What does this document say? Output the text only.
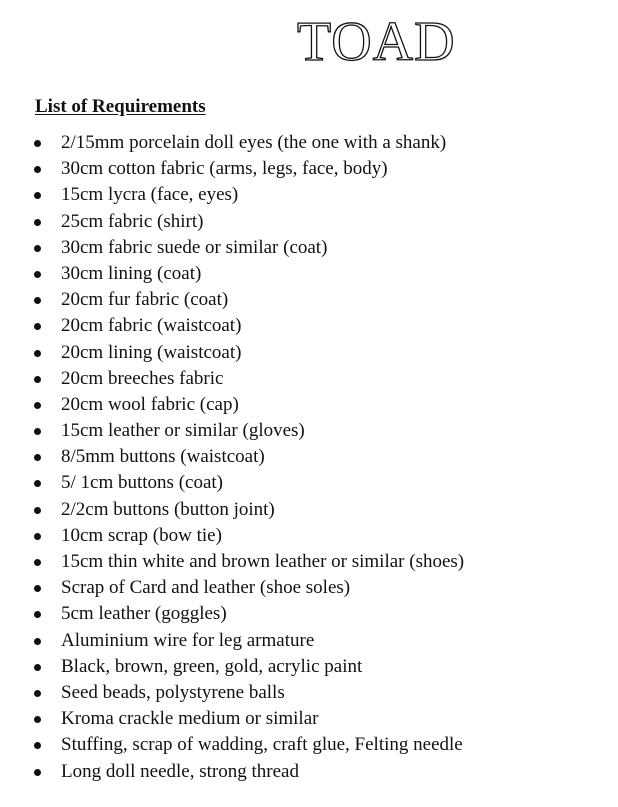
TOAD
List of Requirements
2/15mm porcelain doll eyes (the one with a shank)
30cm cotton fabric (arms, legs, face, body)
15cm lycra (face, eyes)
25cm fabric (shirt)
30cm fabric suede or similar (coat)
30cm lining (coat)
20cm fur fabric (coat)
20cm fabric (waistcoat)
20cm lining (waistcoat)
20cm breeches fabric
20cm wool fabric (cap)
15cm leather or similar (gloves)
8/5mm buttons (waistcoat)
5/ 1cm buttons (coat)
2/2cm buttons (button joint)
10cm scrap (bow tie)
15cm thin white and brown leather or similar (shoes)
Scrap of Card and leather (shoe soles)
5cm leather (goggles)
Aluminium wire for leg armature
Black, brown, green, gold, acrylic paint
Seed beads, polystyrene balls
Kroma crackle medium or similar
Stuffing, scrap of wadding, craft glue, Felting needle
Long doll needle, strong thread
